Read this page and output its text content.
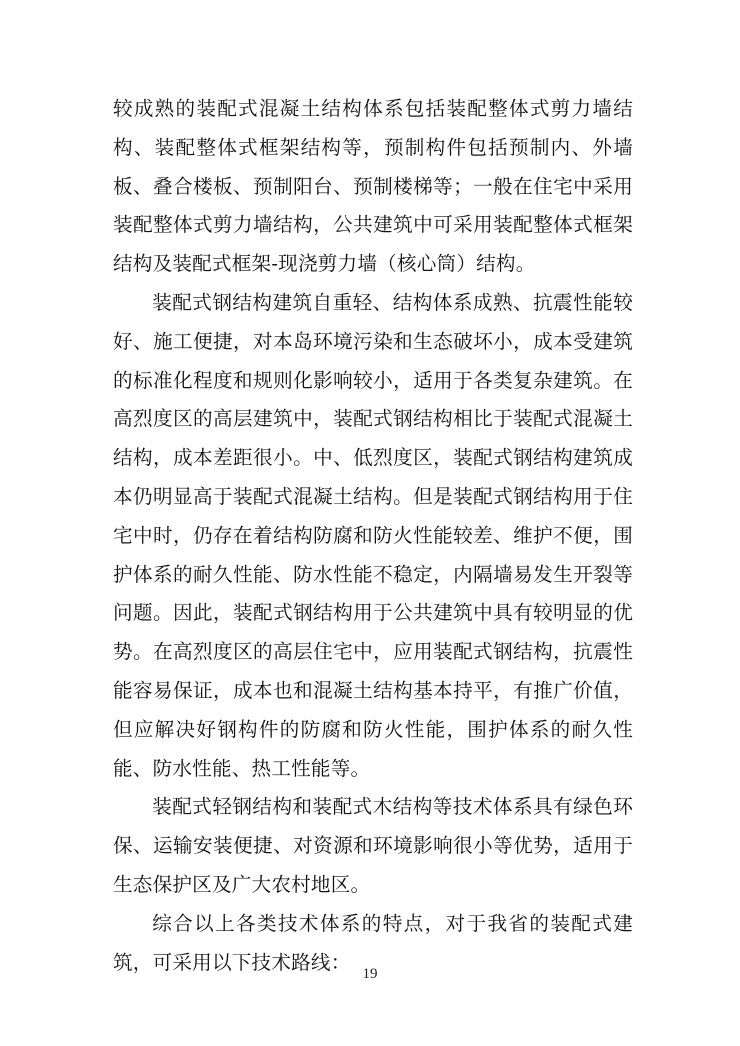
较成熟的装配式混凝土结构体系包括装配整体式剪力墙结构、装配整体式框架结构等，预制构件包括预制内、外墙板、叠合楼板、预制阳台、预制楼梯等；一般在住宅中采用装配整体式剪力墙结构，公共建筑中可采用装配整体式框架结构及装配式框架-现浇剪力墙（核心筒）结构。

装配式钢结构建筑自重轻、结构体系成熟、抗震性能较好、施工便捷，对本岛环境污染和生态破坏小，成本受建筑的标准化程度和规则化影响较小，适用于各类复杂建筑。在高烈度区的高层建筑中，装配式钢结构相比于装配式混凝土结构，成本差距很小。中、低烈度区，装配式钢结构建筑成本仍明显高于装配式混凝土结构。但是装配式钢结构用于住宅中时，仍存在着结构防腐和防火性能较差、维护不便，围护体系的耐久性能、防水性能不稳定，内隔墙易发生开裂等问题。因此，装配式钢结构用于公共建筑中具有较明显的优势。在高烈度区的高层住宅中，应用装配式钢结构，抗震性能容易保证，成本也和混凝土结构基本持平，有推广价值，但应解决好钢构件的防腐和防火性能，围护体系的耐久性能、防水性能、热工性能等。

装配式轻钢结构和装配式木结构等技术体系具有绿色环保、运输安装便捷、对资源和环境影响很小等优势，适用于生态保护区及广大农村地区。

综合以上各类技术体系的特点，对于我省的装配式建筑，可采用以下技术路线：

19
